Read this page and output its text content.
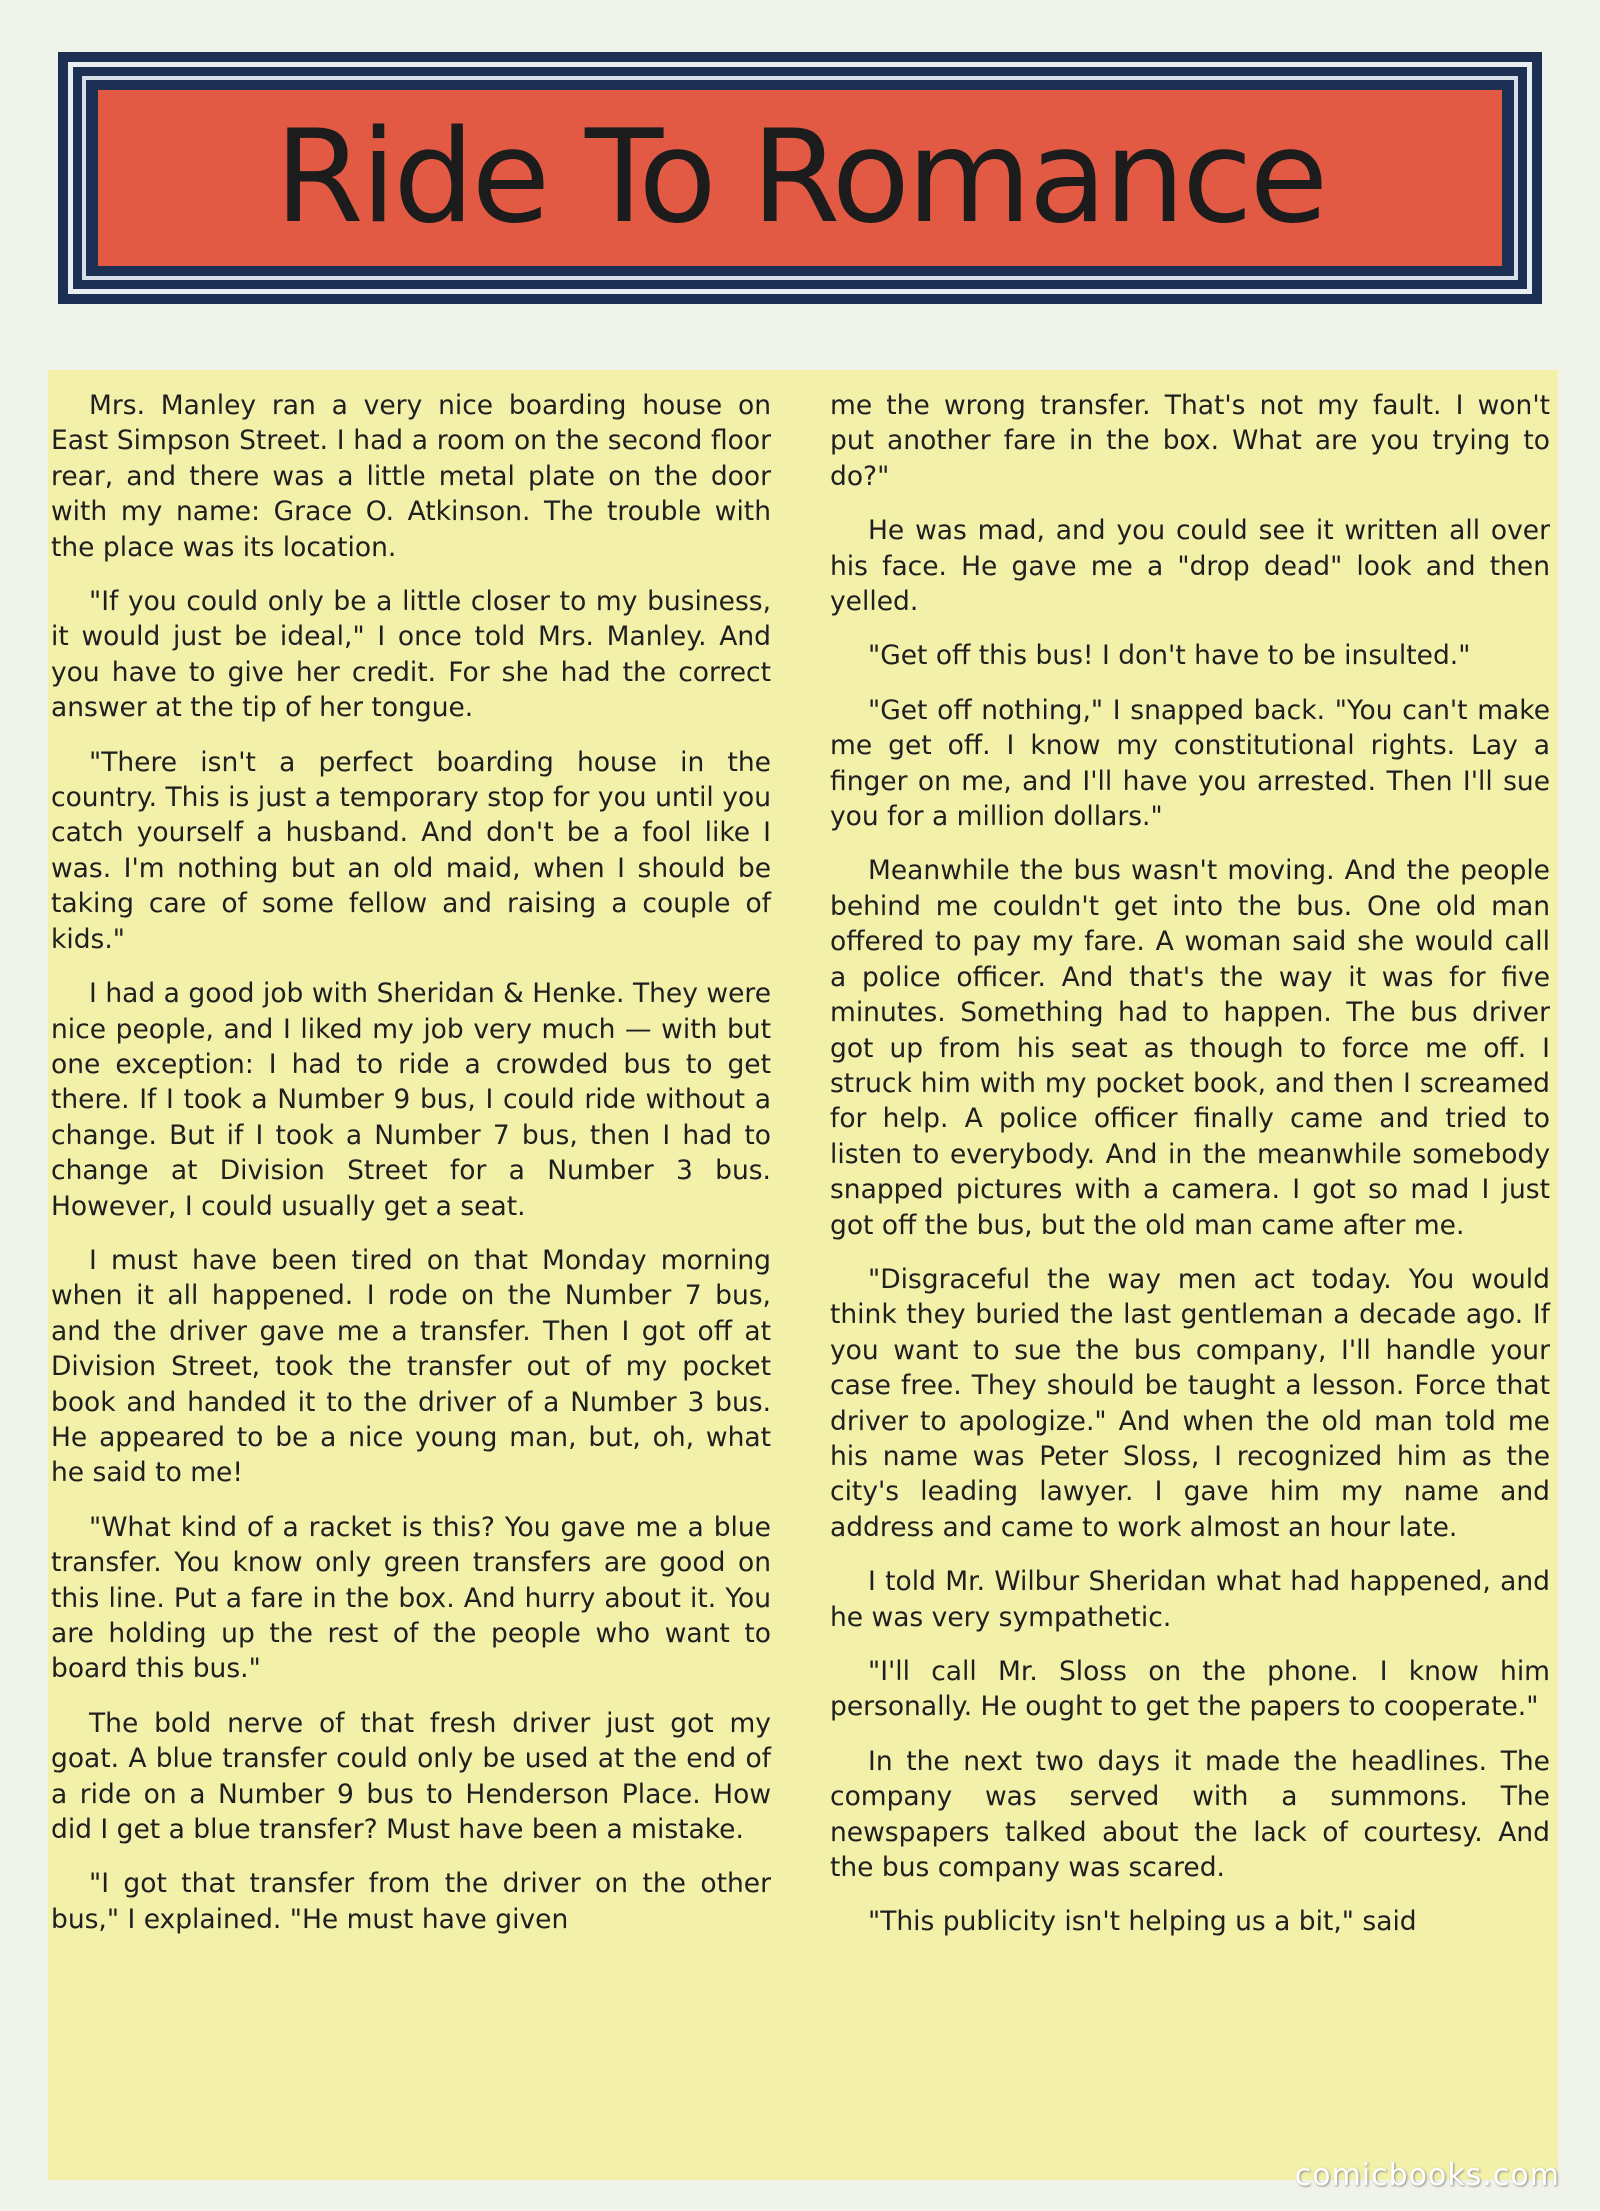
Ride To Romance

Mrs. Manley ran a very nice boarding house on East Simpson Street. I had a room on the second floor rear, and there was a little metal plate on the door with my name: Grace O. Atkinson. The trouble with the place was its location.

"If you could only be a little closer to my business, it would just be ideal," I once told Mrs. Manley. And you have to give her credit. For she had the correct answer at the tip of her tongue.

"There isn't a perfect boarding house in the country. This is just a temporary stop for you until you catch yourself a husband. And don't be a fool like I was. I'm nothing but an old maid, when I should be taking care of some fellow and raising a couple of kids."

I had a good job with Sheridan & Henke. They were nice people, and I liked my job very much — with but one exception: I had to ride a crowded bus to get there. If I took a Number 9 bus, I could ride without a change. But if I took a Number 7 bus, then I had to change at Division Street for a Number 3 bus. However, I could usually get a seat.

I must have been tired on that Monday morning when it all happened. I rode on the Number 7 bus, and the driver gave me a transfer. Then I got off at Division Street, took the transfer out of my pocket book and handed it to the driver of a Number 3 bus. He appeared to be a nice young man, but, oh, what he said to me!

"What kind of a racket is this? You gave me a blue transfer. You know only green transfers are good on this line. Put a fare in the box. And hurry about it. You are holding up the rest of the people who want to board this bus."

The bold nerve of that fresh driver just got my goat. A blue transfer could only be used at the end of a ride on a Number 9 bus to Henderson Place. How did I get a blue transfer? Must have been a mistake.

"I got that transfer from the driver on the other bus," I explained. "He must have given

me the wrong transfer. That's not my fault. I won't put another fare in the box. What are you trying to do?"

He was mad, and you could see it written all over his face. He gave me a "drop dead" look and then yelled.

"Get off this bus! I don't have to be insulted."

"Get off nothing," I snapped back. "You can't make me get off. I know my constitutional rights. Lay a finger on me, and I'll have you arrested. Then I'll sue you for a million dollars."

Meanwhile the bus wasn't moving. And the people behind me couldn't get into the bus. One old man offered to pay my fare. A woman said she would call a police officer. And that's the way it was for five minutes. Something had to happen. The bus driver got up from his seat as though to force me off. I struck him with my pocket book, and then I screamed for help. A police officer finally came and tried to listen to everybody. And in the meanwhile somebody snapped pictures with a camera. I got so mad I just got off the bus, but the old man came after me.

"Disgraceful the way men act today. You would think they buried the last gentleman a decade ago. If you want to sue the bus company, I'll handle your case free. They should be taught a lesson. Force that driver to apologize." And when the old man told me his name was Peter Sloss, I recognized him as the city's leading lawyer. I gave him my name and address and came to work almost an hour late.

I told Mr. Wilbur Sheridan what had happened, and he was very sympathetic.

"I'll call Mr. Sloss on the phone. I know him personally. He ought to get the papers to cooperate."

In the next two days it made the headlines. The company was served with a summons. The newspapers talked about the lack of courtesy. And the bus company was scared.

"This publicity isn't helping us a bit," said

comicbooks.com
